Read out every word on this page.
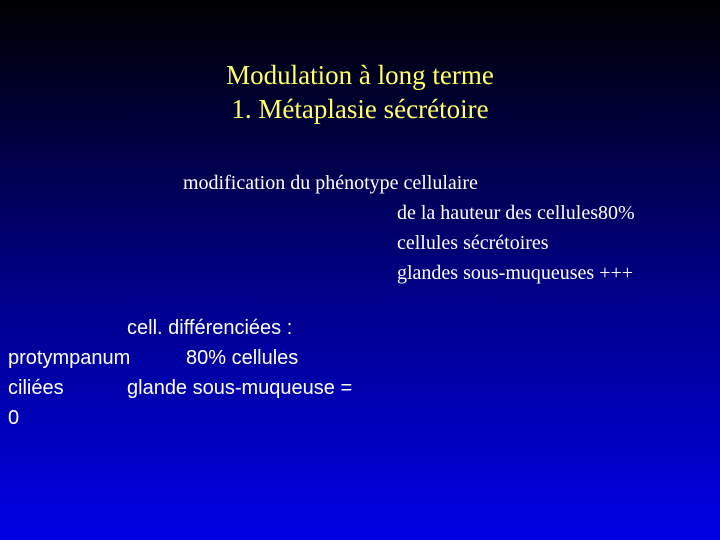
Modulation à long terme
1. Métaplasie sécrétoire
modification du phénotype cellulaire
de la hauteur des cellules80%
cellules sécrétoires
glandes sous-muqueuses +++
cell. différenciées :
protympanum	80% cellules
ciliées	glande sous-muqueuse =
0
